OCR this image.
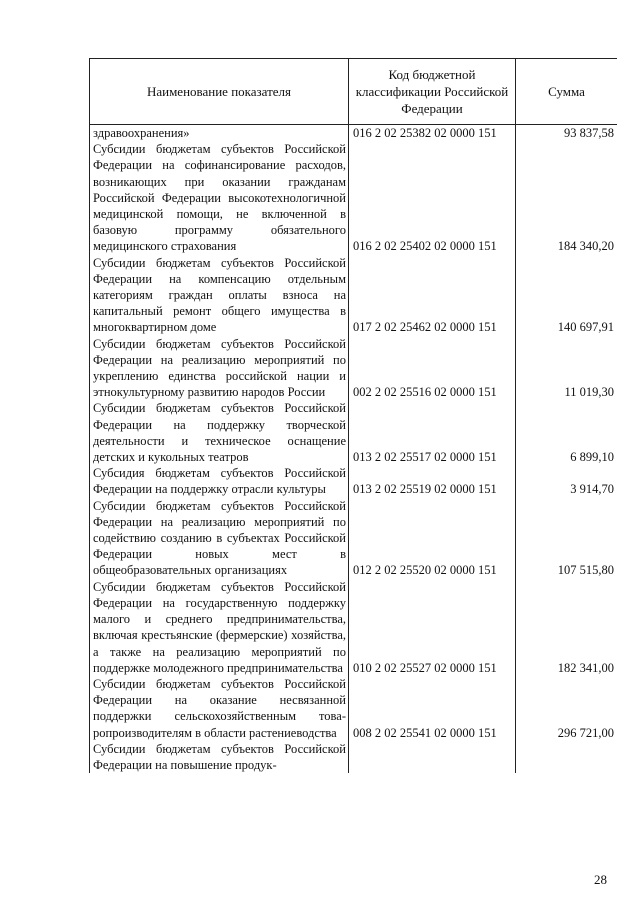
Наименование показателя	Код бюджетной классификации Российской Федерации	Сумма
здравоохранения»	016 2 02 25382 02 0000 151	93 837,58
Субсидии бюджетам субъектов Российской Федерации на софинансирование расходов, возникающих при оказании гражданам Российской Федерации высокотехнологичной медицинской помощи, не включенной в базовую программу обязательного медицинского страхования	016 2 02 25402 02 0000 151	184 340,20
Субсидии бюджетам субъектов Российской Федерации на компенсацию отдельным категориям граждан оплаты взноса на капитальный ремонт общего имущества в многоквартирном доме	017 2 02 25462 02 0000 151	140 697,91
Субсидии бюджетам субъектов Российской Федерации на реализацию мероприятий по укреплению единства российской нации и этнокультурному развитию народов России	002 2 02 25516 02 0000 151	11 019,30
Субсидии бюджетам субъектов Российской Федерации на поддержку творческой деятельности и техническое оснащение детских и кукольных театров	013 2 02 25517 02 0000 151	6 899,10
Субсидия бюджетам субъектов Российской Федерации на поддержку отрасли культуры	013 2 02 25519 02 0000 151	3 914,70
Субсидии бюджетам субъектов Российской Федерации на реализацию мероприятий по содействию созданию в субъектах Российской Федерации новых мест в общеобразовательных организациях	012 2 02 25520 02 0000 151	107 515,80
Субсидии бюджетам субъектов Российской Федерации на государственную поддержку малого и среднего предпринимательства, включая крестьянские (фермерские) хозяйства, а также на реализацию мероприятий по поддержке молодежного предпринимательства	010 2 02 25527 02 0000 151	182 341,00
Субсидии бюджетам субъектов Российской Федерации на оказание несвязанной поддержки сельскохозяйственным товаропроизводителям в области растениеводства	008 2 02 25541 02 0000 151	296 721,00
Субсидии бюджетам субъектов Российской Федерации на повышение продук-		
28
